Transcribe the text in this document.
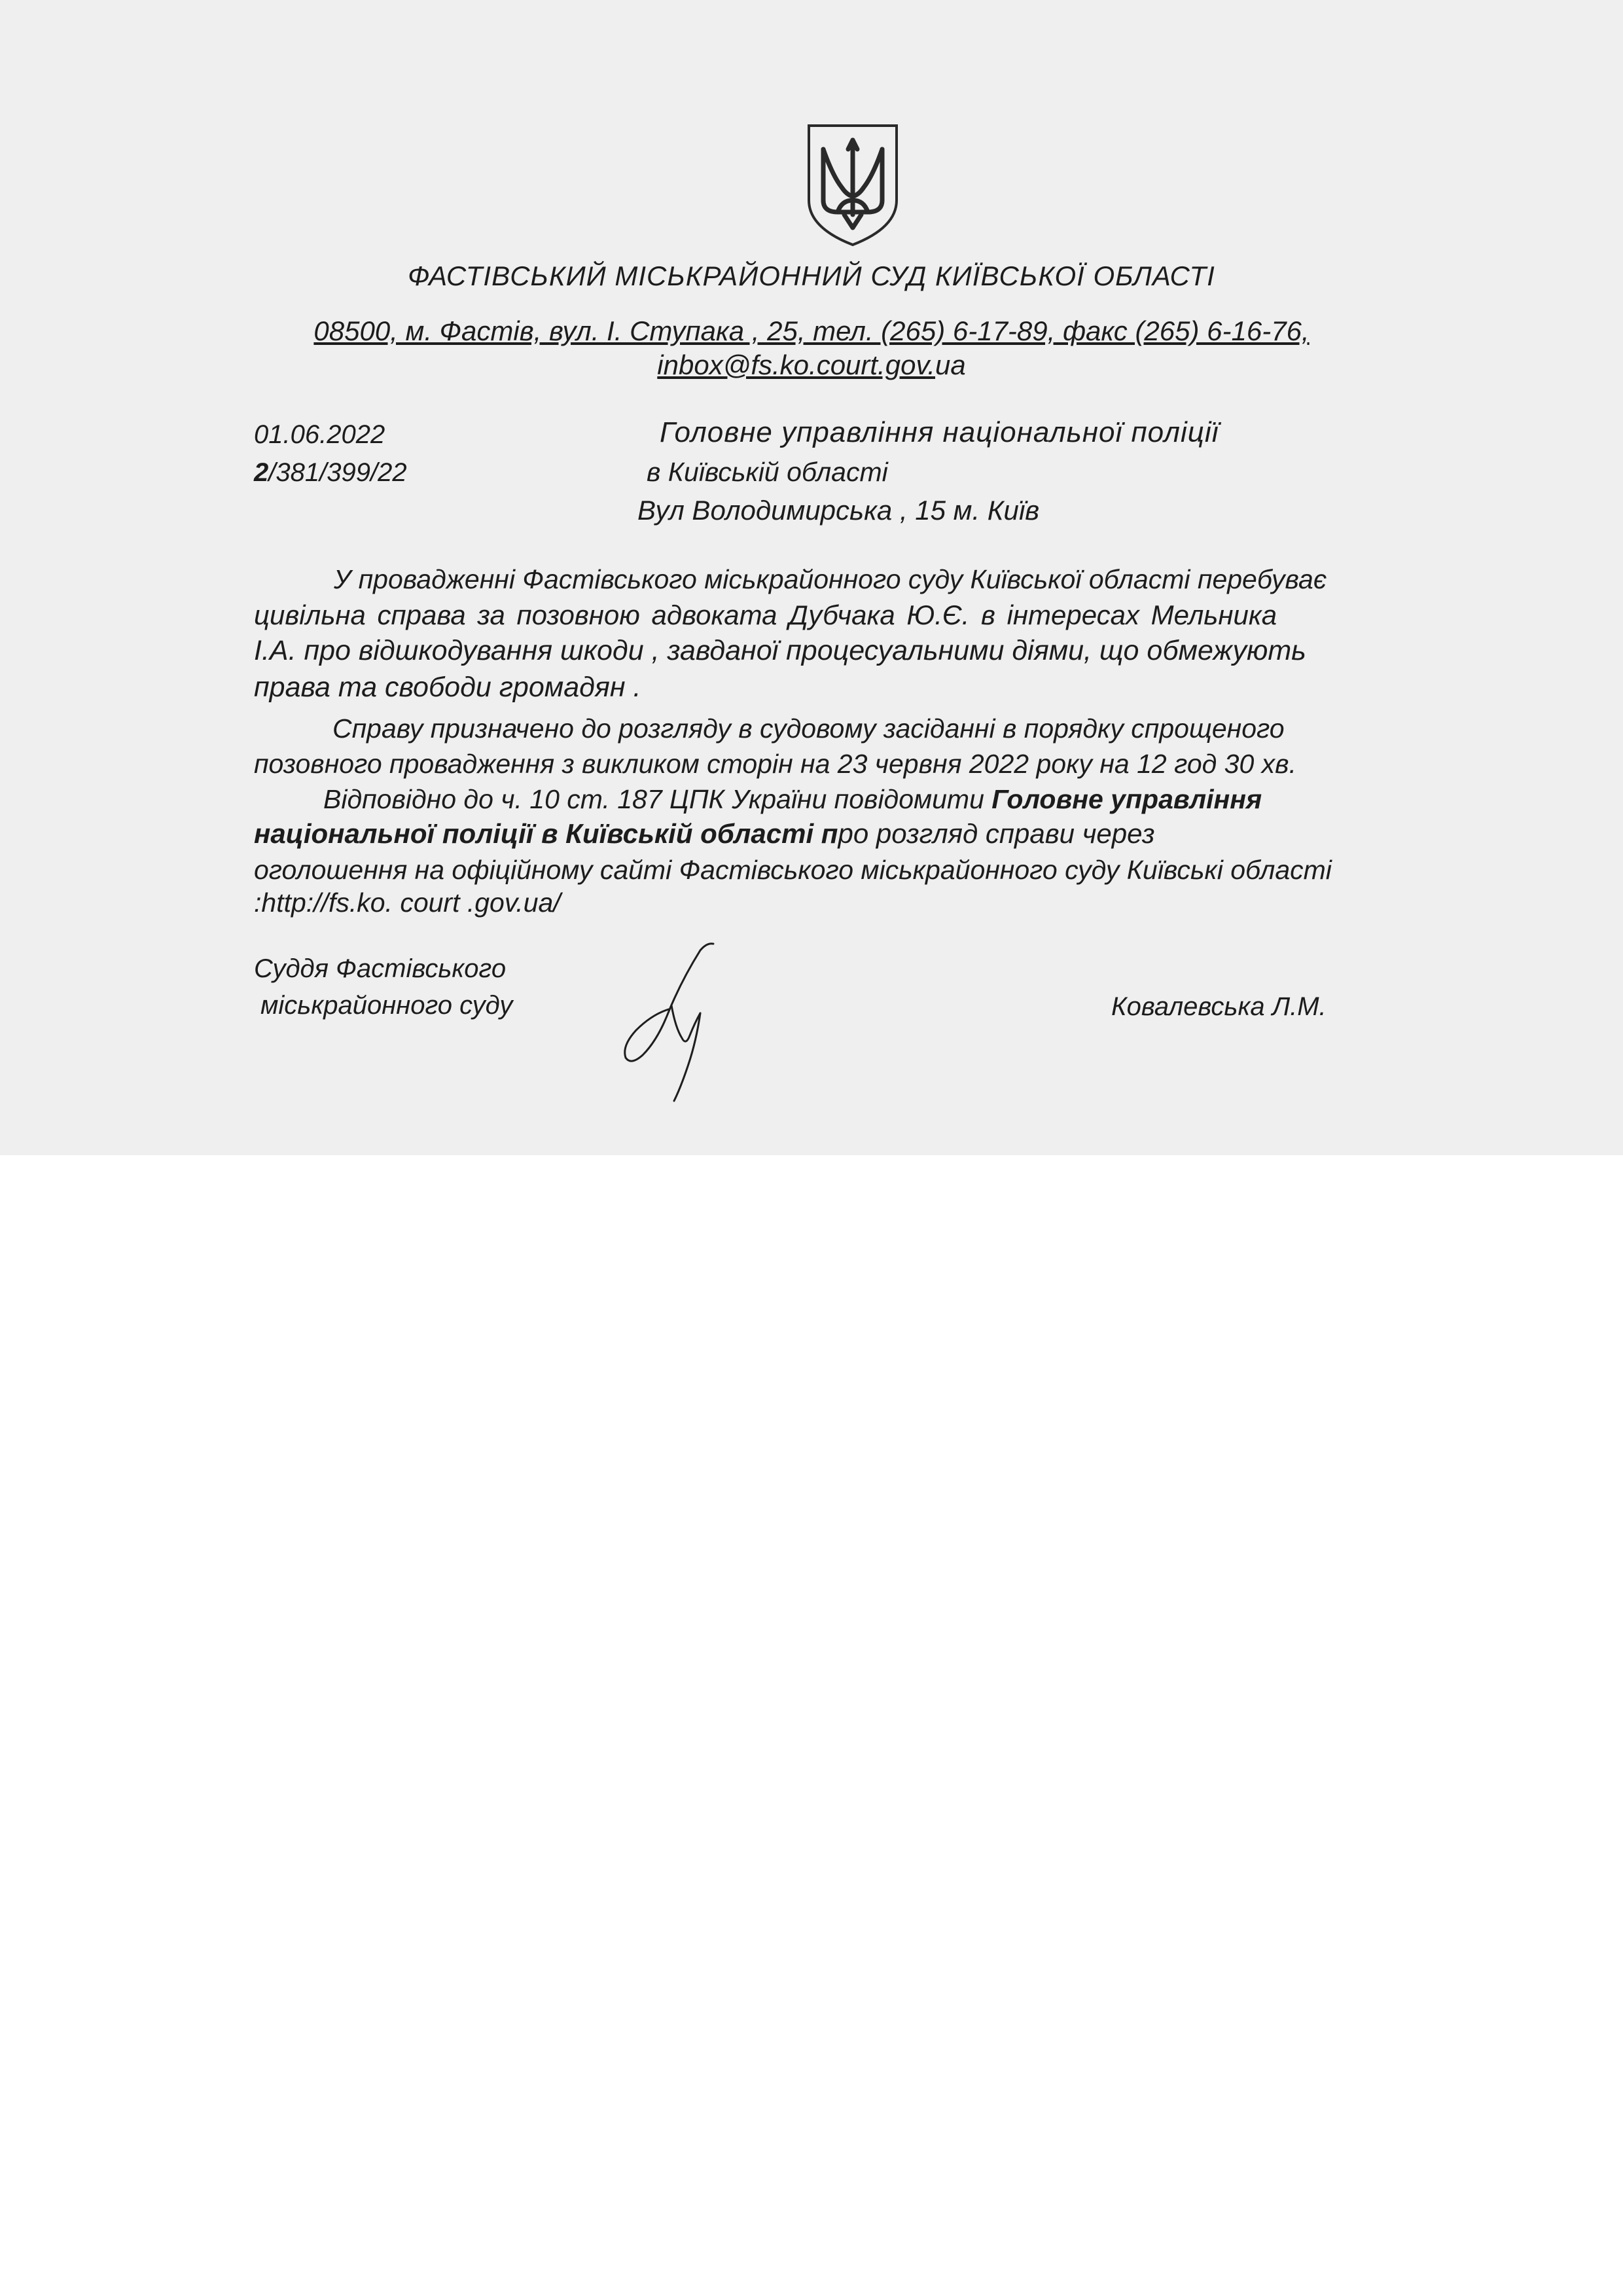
ФАСТІВСЬКИЙ МІСЬКРАЙОННИЙ СУД КИЇВСЬКОЇ ОБЛАСТІ
08500, м. Фастів, вул. І. Ступака , 25, тел. (265) 6-17-89, факс (265) 6-16-76,
inbox@fs.ko.court.gov.ua
01.06.2022
2/381/399/22
Головне управління національної поліції
в Київській області
Вул Володимирська , 15 м. Київ
У провадженні Фастівського міськрайонного суду Київської області перебуває
цивільна справа за позовною адвоката Дубчака Ю.Є. в інтересах Мельника
І.А. про відшкодування шкоди , завданої процесуальними діями, що обмежують
права та свободи громадян .
Справу призначено до розгляду в судовому засіданні в порядку спрощеного
позовного провадження з викликом сторін на 23 червня 2022 року на 12 год 30 хв.
Відповідно до ч. 10 ст. 187 ЦПК України повідомити Головне управління
національної поліції в Київській області про розгляд справи через
оголошення на офіційному сайті Фастівського міськрайонного суду Київські області
:http://fs.ko. court .gov.ua/
Суддя Фастівського
міськрайонного суду	Ковалевська Л.М.
